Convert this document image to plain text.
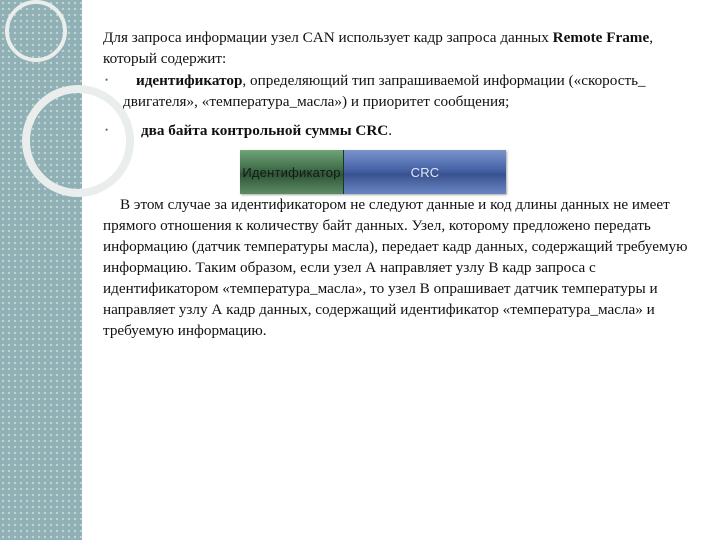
Для запроса информации узел CAN использует кадр запроса данных Remote Frame, который содержит:

•	идентификатор, определяющий тип запрашиваемой информации («скорость_ двигателя», «температура_масла») и приоритет сообщения;

•	два байта контрольной суммы CRC.

Идентификатор	CRC

В этом случае за идентификатором не следуют данные и код длины данных не имеет прямого отношения к количеству байт данных. Узел, которому предложено передать информацию (датчик температуры масла), передает кадр данных, содержащий требуемую информацию. Таким образом, если узел А направляет узлу В кадр запроса с идентификатором «температура_масла», то узел В опрашивает датчик температуры и направляет узлу А кадр данных, содержащий идентификатор «температура_масла» и требуемую информацию.
